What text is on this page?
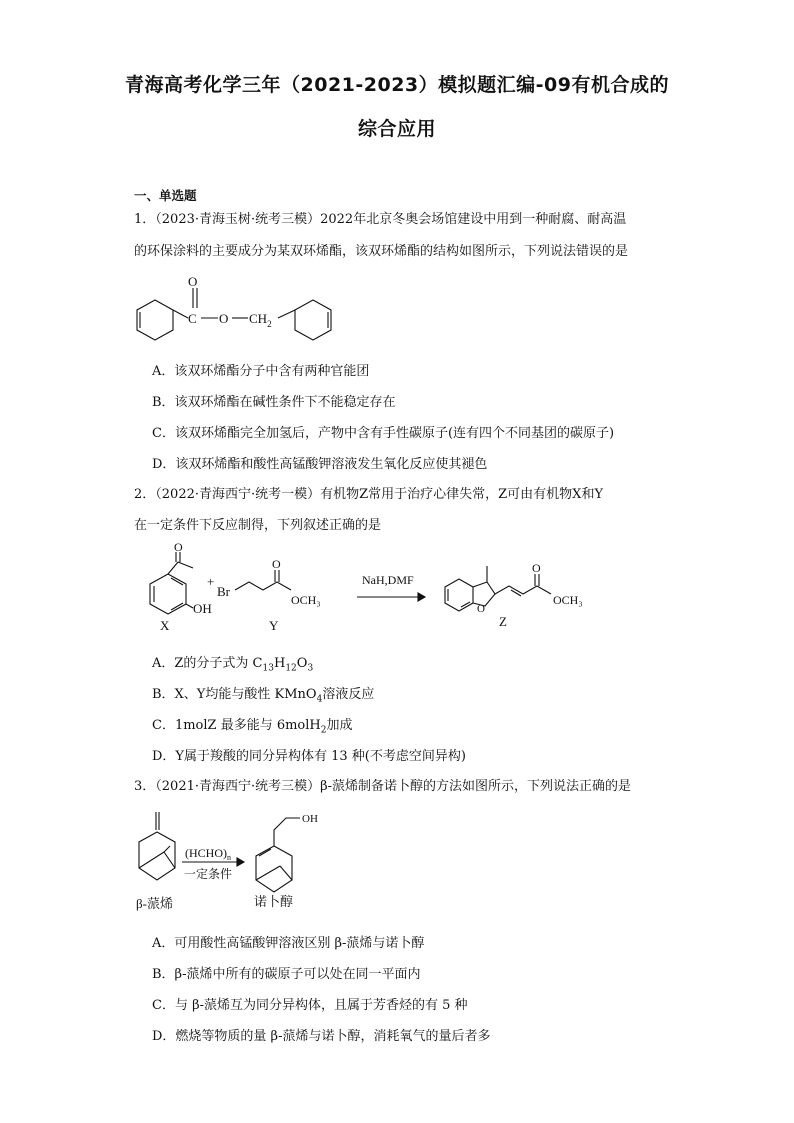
青海高考化学三年（2021-2023）模拟题汇编-09有机合成的
综合应用
一、单选题
1．（2023·青海玉树·统考三模）2022年北京冬奥会场馆建设中用到一种耐腐、耐高温
的环保涂料的主要成分为某双环烯酯，该双环烯酯的结构如图所示，下列说法错误的是
O
C O $CH_2$
A．该双环烯酯分子中含有两种官能团
B．该双环烯酯在碱性条件下不能稳定存在
C．该双环烯酯完全加氢后，产物中含有手性碳原子(连有四个不同基团的碳原子)
D．该双环烯酯和酸性高锰酸钾溶液发生氧化反应使其褪色
2．（2022·青海西宁·统考一模）有机物Z常用于治疗心律失常，Z可由有机物X和Y
在一定条件下反应制得，下列叙述正确的是
O
OH
X
+
Br
O
OCH₃
Y
NaH,DMF
O
O
OCH₃
Z
A．Z的分子式为 $C_{13}H_{12}O_3$
B．X、Y均能与酸性 KMnO$_4$溶液反应
C．1molZ 最多能与 6molH$_2$加成
D．Y属于羧酸的同分异构体有 13 种(不考虑空间异构)
3．（2021·青海西宁·统考三模）β-蒎烯制备诺卜醇的方法如图所示，下列说法正确的是
β-蒎烯
$(HCHO)_n$
一定条件
OH
诺卜醇
A．可用酸性高锰酸钾溶液区别 β-蒎烯与诺卜醇
B．β-蒎烯中所有的碳原子可以处在同一平面内
C．与 β-蒎烯互为同分异构体，且属于芳香烃的有 5 种
D．燃烧等物质的量 β-蒎烯与诺卜醇，消耗氧气的量后者多
